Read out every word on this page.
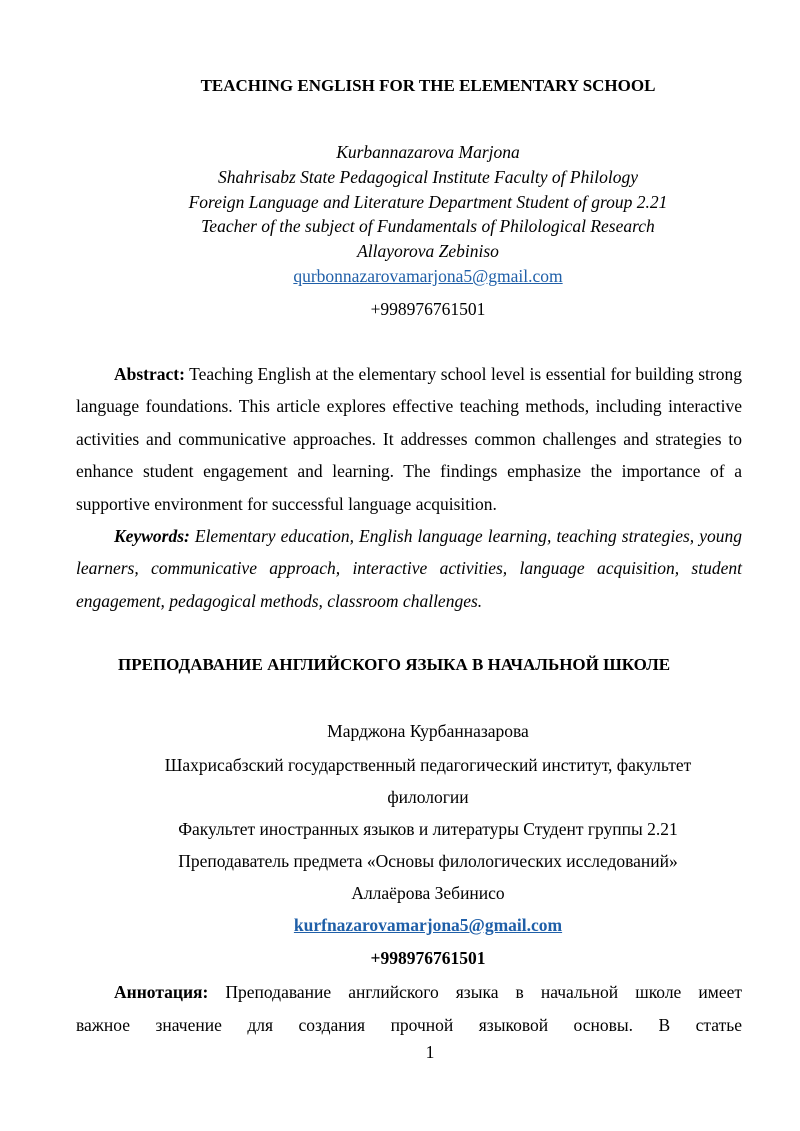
TEACHING ENGLISH FOR THE ELEMENTARY SCHOOL
Kurbannazarova Marjona
Shahrisabz State Pedagogical Institute Faculty of Philology
Foreign Language and Literature Department Student of group 2.21
Teacher of the subject of Fundamentals of Philological Research
Allayorova Zebiniso
qurbonnazarovamarjona5@gmail.com
+998976761501
Abstract: Teaching English at the elementary school level is essential for building strong language foundations. This article explores effective teaching methods, including interactive activities and communicative approaches. It addresses common challenges and strategies to enhance student engagement and learning. The findings emphasize the importance of a supportive environment for successful language acquisition.
Keywords: Elementary education, English language learning, teaching strategies, young learners, communicative approach, interactive activities, language acquisition, student engagement, pedagogical methods, classroom challenges.
ПРЕПОДАВАНИЕ АНГЛИЙСКОГО ЯЗЫКА В НАЧАЛЬНОЙ ШКОЛЕ
Марджона Курбанназарова
Шахрисабзский государственный педагогический институт, факультет
филологии
Факультет иностранных языков и литературы Студент группы 2.21
Преподаватель предмета «Основы филологических исследований»
Аллаёрова Зебинисо
kurfnazarovamarjona5@gmail.com
+998976761501
Аннотация: Преподавание английского языка в начальной школе имеет
важное значение для создания прочной языковой основы. В статье
1
